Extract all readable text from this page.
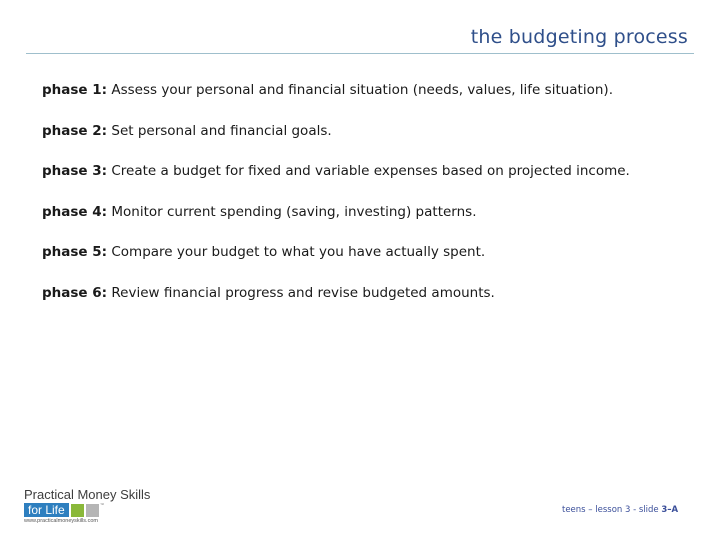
the budgeting process
phase 1: Assess your personal and financial situation (needs, values, life situation).
phase 2: Set personal and financial goals.
phase 3: Create a budget for fixed and variable expenses based on projected income.
phase 4: Monitor current spending (saving, investing) patterns.
phase 5: Compare your budget to what you have actually spent.
phase 6: Review financial progress and revise budgeted amounts.
Practical Money Skills
for Life	™
www.practicalmoneyskills.com
teens – lesson 3 - slide 3–A
